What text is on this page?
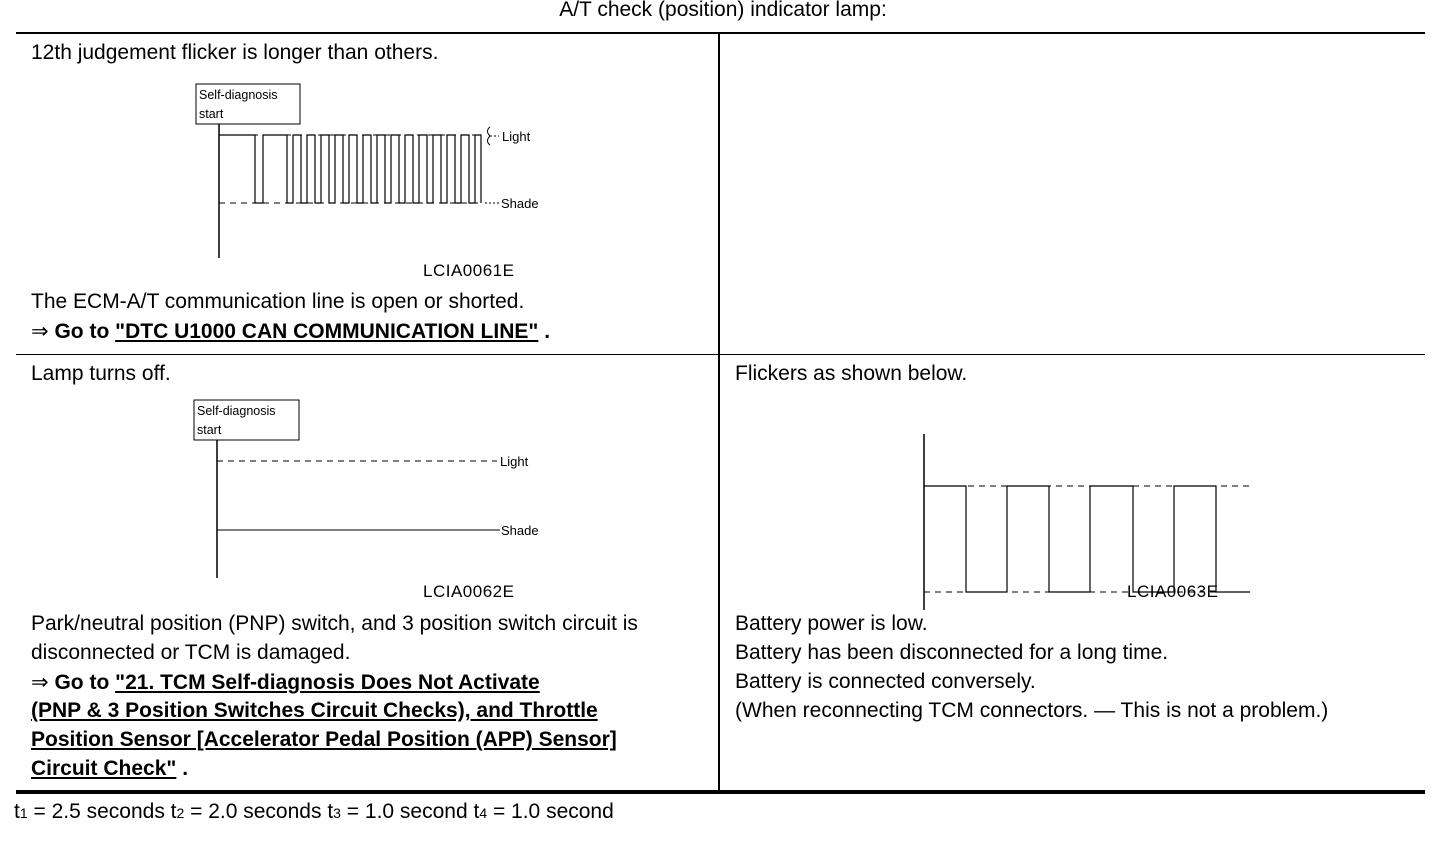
A/T check (position) indicator lamp:
12th judgement flicker is longer than others.
Self-diagnosis
start
Light
Shade
LCIA0061E
The ECM-A/T communication line is open or shorted.
⇒ Go to "DTC U1000 CAN COMMUNICATION LINE" .
Lamp turns off.
Self-diagnosis
start
Light
Shade
LCIA0062E
Park/neutral position (PNP) switch, and 3 position switch circuit is
disconnected or TCM is damaged.
⇒ Go to "21. TCM Self-diagnosis Does Not Activate
(PNP & 3 Position Switches Circuit Checks), and Throttle
Position Sensor [Accelerator Pedal Position (APP) Sensor]
Circuit Check" .
Flickers as shown below.
LCIA0063E
Battery power is low.
Battery has been disconnected for a long time.
Battery is connected conversely.
(When reconnecting TCM connectors. — This is not a problem.)
t1 = 2.5 seconds t2 = 2.0 seconds t3 = 1.0 second t4 = 1.0 second
